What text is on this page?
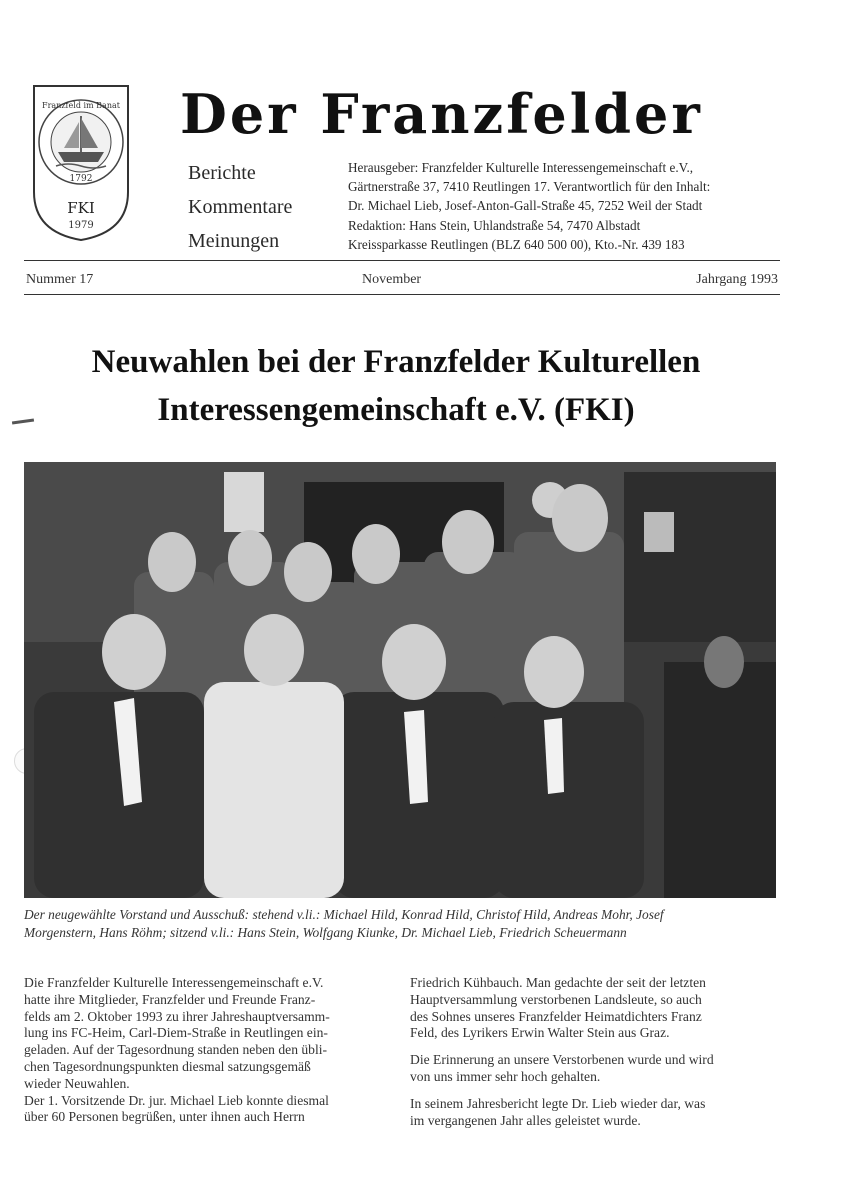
Franzfeld im Banat
1792
FKI
1979
Der Franzfelder
Berichte
Kommentare
Meinungen
Herausgeber: Franzfelder Kulturelle Interessengemeinschaft e.V.,
Gärtnerstraße 37, 7410 Reutlingen 17. Verantwortlich für den Inhalt:
Dr. Michael Lieb, Josef-Anton-Gall-Straße 45, 7252 Weil der Stadt
Redaktion: Hans Stein, Uhlandstraße 54, 7470 Albstadt
Kreissparkasse Reutlingen (BLZ 640 500 00), Kto.-Nr. 439 183
Nummer 17	November	Jahrgang 1993
Neuwahlen bei der Franzfelder Kulturellen
Interessengemeinschaft e.V. (FKI)
Der neugewählte Vorstand und Ausschuß: stehend v.li.: Michael Hild, Konrad Hild, Christof Hild, Andreas Mohr, Josef
Morgenstern, Hans Röhm; sitzend v.li.: Hans Stein, Wolfgang Kiunke, Dr. Michael Lieb, Friedrich Scheuermann
Die Franzfelder Kulturelle Interessengemeinschaft e.V.
hatte ihre Mitglieder, Franzfelder und Freunde Franz-
felds am 2. Oktober 1993 zu ihrer Jahreshauptversamm-
lung ins FC-Heim, Carl-Diem-Straße in Reutlingen ein-
geladen. Auf der Tagesordnung standen neben den übli-
chen Tagesordnungspunkten diesmal satzungsgemäß
wieder Neuwahlen.
Der 1. Vorsitzende Dr. jur. Michael Lieb konnte diesmal
über 60 Personen begrüßen, unter ihnen auch Herrn
Friedrich Kühbauch. Man gedachte der seit der letzten
Hauptversammlung verstorbenen Landsleute, so auch
des Sohnes unseres Franzfelder Heimatdichters Franz
Feld, des Lyrikers Erwin Walter Stein aus Graz.
Die Erinnerung an unsere Verstorbenen wurde und wird
von uns immer sehr hoch gehalten.
In seinem Jahresbericht legte Dr. Lieb wieder dar, was
im vergangenen Jahr alles geleistet wurde.
